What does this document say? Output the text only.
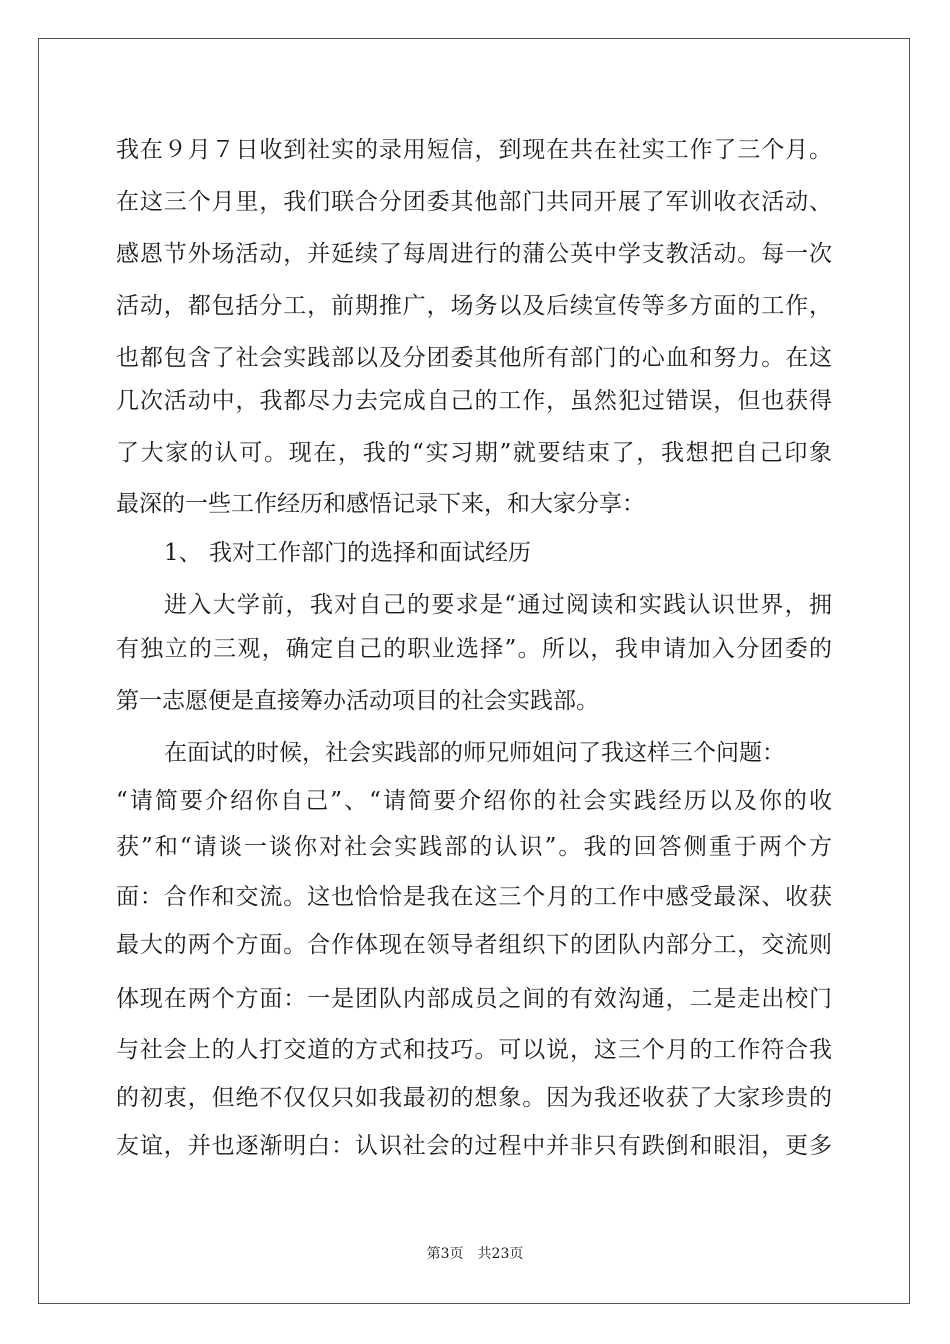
我在９月７日收到社实的录用短信，到现在共在社实工作了三个月。
在这三个月里，我们联合分团委其他部门共同开展了军训收衣活动、
感恩节外场活动，并延续了每周进行的蒲公英中学支教活动。每一次
活动，都包括分工，前期推广，场务以及后续宣传等多方面的工作，
也都包含了社会实践部以及分团委其他所有部门的心血和努力。在这
几次活动中，我都尽力去完成自己的工作，虽然犯过错误，但也获得
了大家的认可。现在，我的“实习期”就要结束了，我想把自己印象
最深的一些工作经历和感悟记录下来，和大家分享：
1、 我对工作部门的选择和面试经历
进入大学前，我对自己的要求是“通过阅读和实践认识世界，拥
有独立的三观，确定自己的职业选择”。所以，我申请加入分团委的
第一志愿便是直接筹办活动项目的社会实践部。
在面试的时候，社会实践部的师兄师姐问了我这样三个问题：
“请简要介绍你自己”、“请简要介绍你的社会实践经历以及你的收
获”和“请谈一谈你对社会实践部的认识”。我的回答侧重于两个方
面：合作和交流。这也恰恰是我在这三个月的工作中感受最深、收获
最大的两个方面。合作体现在领导者组织下的团队内部分工，交流则
体现在两个方面：一是团队内部成员之间的有效沟通，二是走出校门
与社会上的人打交道的方式和技巧。可以说，这三个月的工作符合我
的初衷，但绝不仅仅只如我最初的想象。因为我还收获了大家珍贵的
友谊，并也逐渐明白：认识社会的过程中并非只有跌倒和眼泪，更多
第3页 共23页
